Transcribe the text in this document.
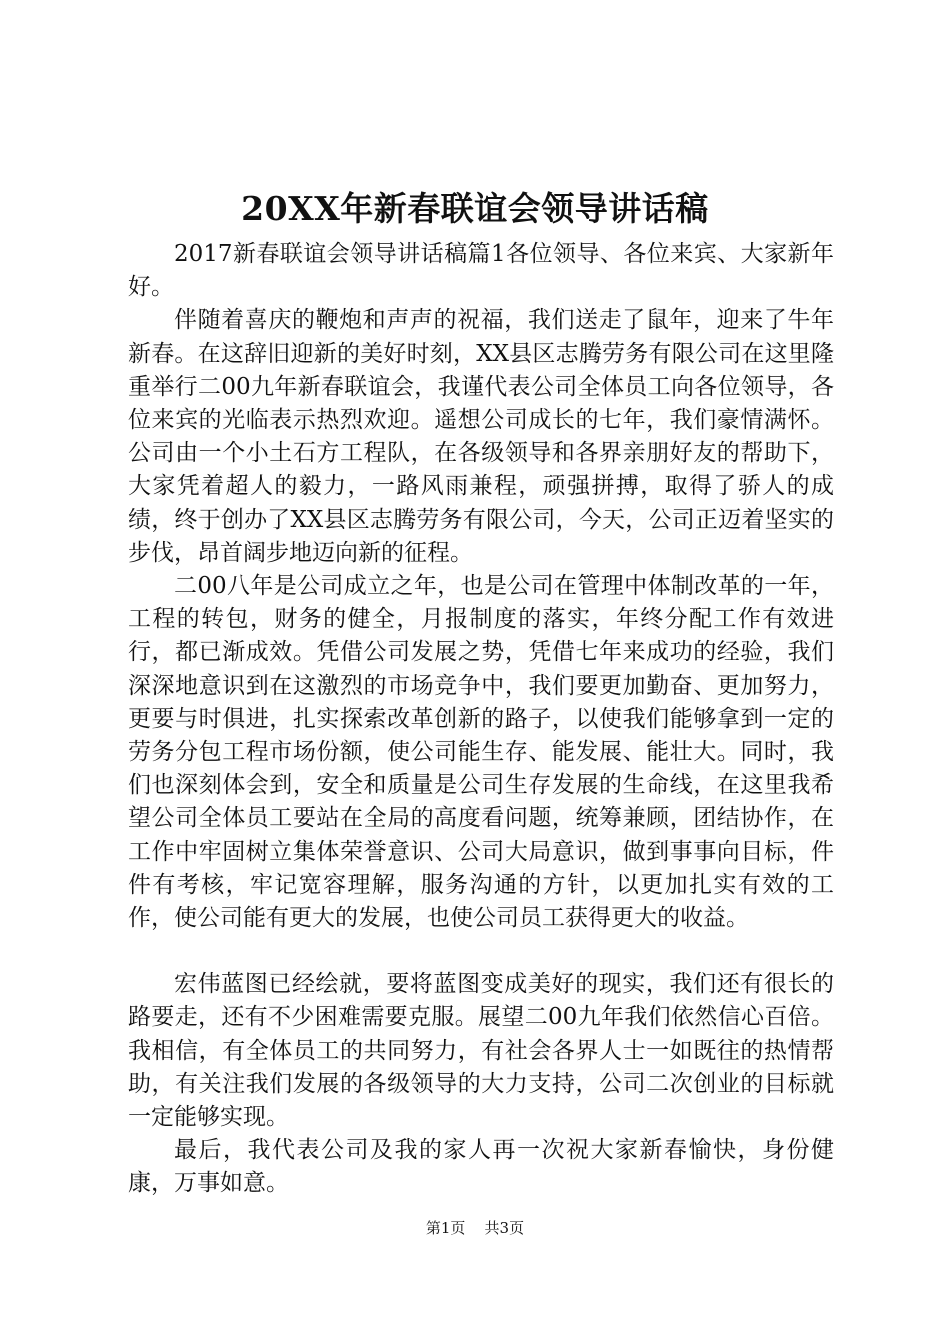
20XX年新春联谊会领导讲话稿

2017新春联谊会领导讲话稿篇1各位领导、各位来宾、大家新年好。

伴随着喜庆的鞭炮和声声的祝福，我们送走了鼠年，迎来了牛年新春。在这辞旧迎新的美好时刻，XX县区志腾劳务有限公司在这里隆重举行二00九年新春联谊会，我谨代表公司全体员工向各位领导，各位来宾的光临表示热烈欢迎。遥想公司成长的七年，我们豪情满怀。公司由一个小土石方工程队，在各级领导和各界亲朋好友的帮助下，大家凭着超人的毅力，一路风雨兼程，顽强拼搏，取得了骄人的成绩，终于创办了XX县区志腾劳务有限公司，今天，公司正迈着坚实的步伐，昂首阔步地迈向新的征程。

二00八年是公司成立之年，也是公司在管理中体制改革的一年，工程的转包，财务的健全，月报制度的落实，年终分配工作有效进行，都已渐成效。凭借公司发展之势，凭借七年来成功的经验，我们深深地意识到在这激烈的市场竞争中，我们要更加勤奋、更加努力，更要与时俱进，扎实探索改革创新的路子，以使我们能够拿到一定的劳务分包工程市场份额，使公司能生存、能发展、能壮大。同时，我们也深刻体会到，安全和质量是公司生存发展的生命线，在这里我希望公司全体员工要站在全局的高度看问题，统筹兼顾，团结协作，在工作中牢固树立集体荣誉意识、公司大局意识，做到事事向目标，件件有考核，牢记宽容理解，服务沟通的方针，以更加扎实有效的工作，使公司能有更大的发展，也使公司员工获得更大的收益。

宏伟蓝图已经绘就，要将蓝图变成美好的现实，我们还有很长的路要走，还有不少困难需要克服。展望二00九年我们依然信心百倍。我相信，有全体员工的共同努力，有社会各界人士一如既往的热情帮助，有关注我们发展的各级领导的大力支持，公司二次创业的目标就一定能够实现。

最后，我代表公司及我的家人再一次祝大家新春愉快，身份健康，万事如意。

第1页 共3页
